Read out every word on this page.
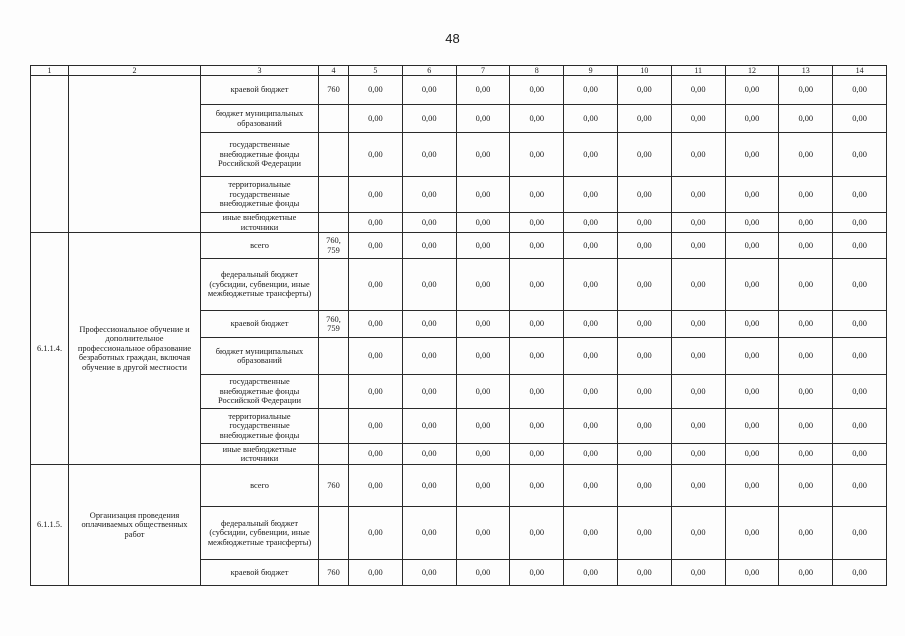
48
1	2	3	4	5	6	7	8	9	10	11	12	13	14
		краевой бюджет	760	0,00	0,00	0,00	0,00	0,00	0,00	0,00	0,00	0,00	0,00
		бюджет муниципальных образований		0,00	0,00	0,00	0,00	0,00	0,00	0,00	0,00	0,00	0,00
		государственные внебюджетные фонды Российской Федерации		0,00	0,00	0,00	0,00	0,00	0,00	0,00	0,00	0,00	0,00
		территориальные государственные внебюджетные фонды		0,00	0,00	0,00	0,00	0,00	0,00	0,00	0,00	0,00	0,00
		иные внебюджетные источники		0,00	0,00	0,00	0,00	0,00	0,00	0,00	0,00	0,00	0,00
6.1.1.4.	Профессиональное обучение и дополнительное профессиональное образование безработных граждан, включая обучение в другой местности	всего	760, 759	0,00	0,00	0,00	0,00	0,00	0,00	0,00	0,00	0,00	0,00
		федеральный бюджет (субсидии, субвенции, иные межбюджетные трансферты)		0,00	0,00	0,00	0,00	0,00	0,00	0,00	0,00	0,00	0,00
		краевой бюджет	760, 759	0,00	0,00	0,00	0,00	0,00	0,00	0,00	0,00	0,00	0,00
		бюджет муниципальных образований		0,00	0,00	0,00	0,00	0,00	0,00	0,00	0,00	0,00	0,00
		государственные внебюджетные фонды Российской Федерации		0,00	0,00	0,00	0,00	0,00	0,00	0,00	0,00	0,00	0,00
		территориальные государственные внебюджетные фонды		0,00	0,00	0,00	0,00	0,00	0,00	0,00	0,00	0,00	0,00
		иные внебюджетные источники		0,00	0,00	0,00	0,00	0,00	0,00	0,00	0,00	0,00	0,00
6.1.1.5.	Организация проведения оплачиваемых общественных работ	всего	760	0,00	0,00	0,00	0,00	0,00	0,00	0,00	0,00	0,00	0,00
		федеральный бюджет (субсидии, субвенции, иные межбюджетные трансферты)		0,00	0,00	0,00	0,00	0,00	0,00	0,00	0,00	0,00	0,00
		краевой бюджет	760	0,00	0,00	0,00	0,00	0,00	0,00	0,00	0,00	0,00	0,00
